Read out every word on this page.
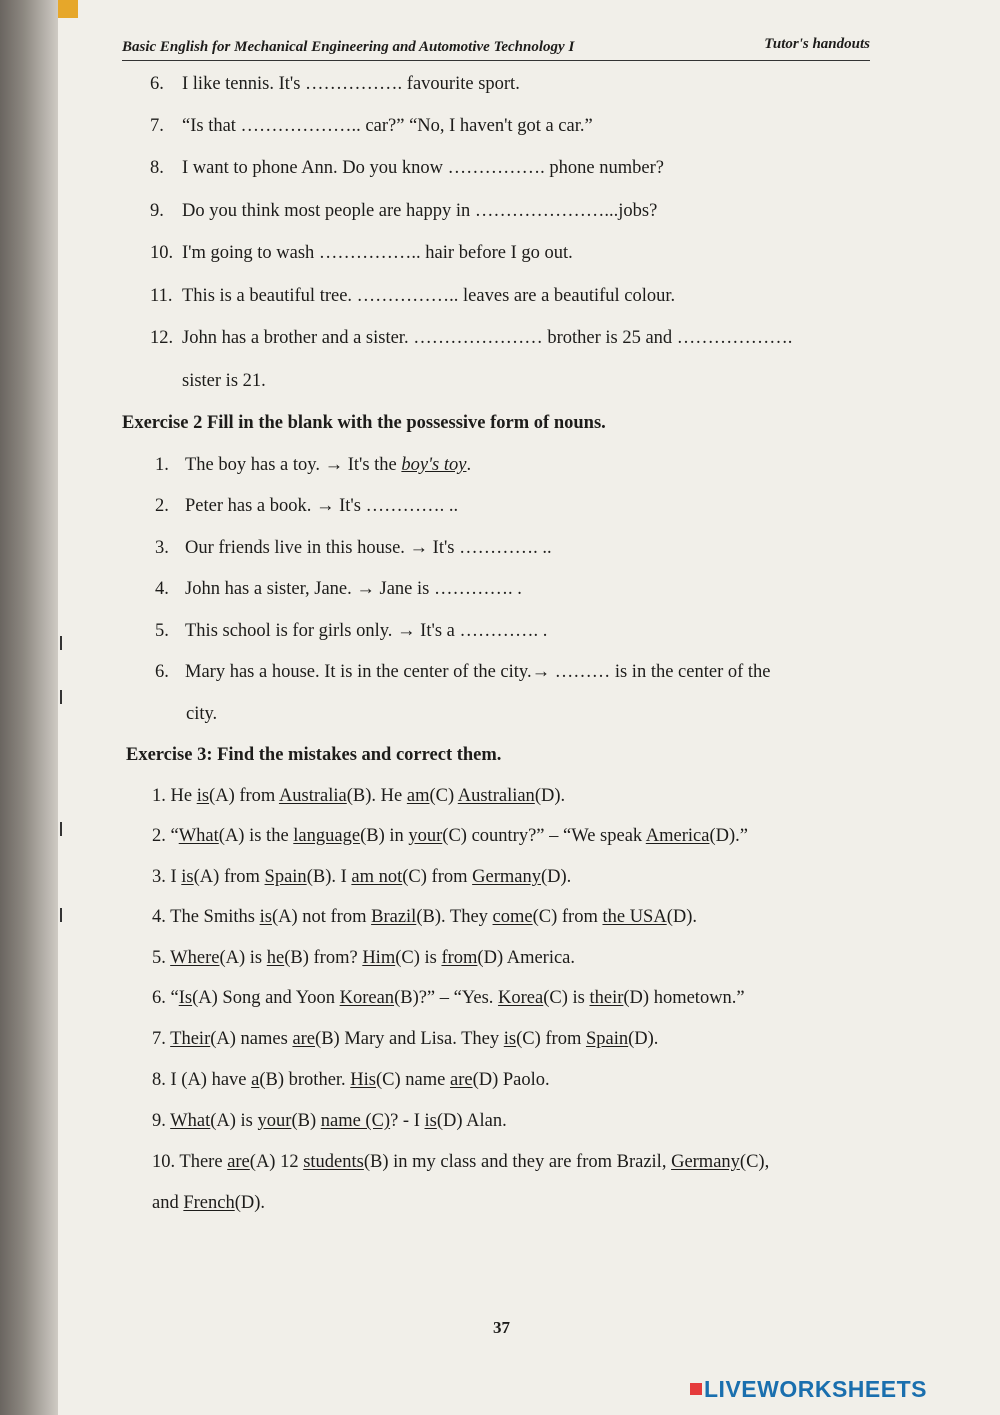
Basic English for Mechanical Engineering and Automotive Technology I	Tutor's handouts
6. I like tennis. It's ……………. favourite sport.
7. “Is that ……………….. car?” “No, I haven't got a car.”
8. I want to phone Ann. Do you know ……………. phone number?
9. Do you think most people are happy in …………………...jobs?
10. I'm going to wash …………….. hair before I go out.
11. This is a beautiful tree. …………….. leaves are a beautiful colour.
12. John has a brother and a sister. ………………… brother is 25 and ……………….
sister is 21.
Exercise 2 Fill in the blank with the possessive form of nouns.
1. The boy has a toy. → It's the boy's toy.
2. Peter has a book. → It's …………. ..
3. Our friends live in this house. → It's …………. ..
4. John has a sister, Jane. → Jane is …………. .
5. This school is for girls only. → It's a …………. .
6. Mary has a house. It is in the center of the city.→ ……… is in the center of the
city.
Exercise 3: Find the mistakes and correct them.
1. He is(A) from Australia(B). He am(C) Australian(D).
2. “What(A) is the language(B) in your(C) country?” – “We speak America(D).”
3. I is(A) from Spain(B). I am not(C) from Germany(D).
4. The Smiths is(A) not from Brazil(B). They come(C) from the USA(D).
5. Where(A) is he(B) from? Him(C) is from(D) America.
6. “Is(A) Song and Yoon Korean(B)?” – “Yes. Korea(C) is their(D) hometown.”
7. Their(A) names are(B) Mary and Lisa. They is(C) from Spain(D).
8. I (A) have a(B) brother. His(C) name are(D) Paolo.
9. What(A) is your(B) name (C)? - I is(D) Alan.
10. There are(A) 12 students(B) in my class and they are from Brazil, Germany(C),
and French(D).
37
LIVEWORKSHEETS
